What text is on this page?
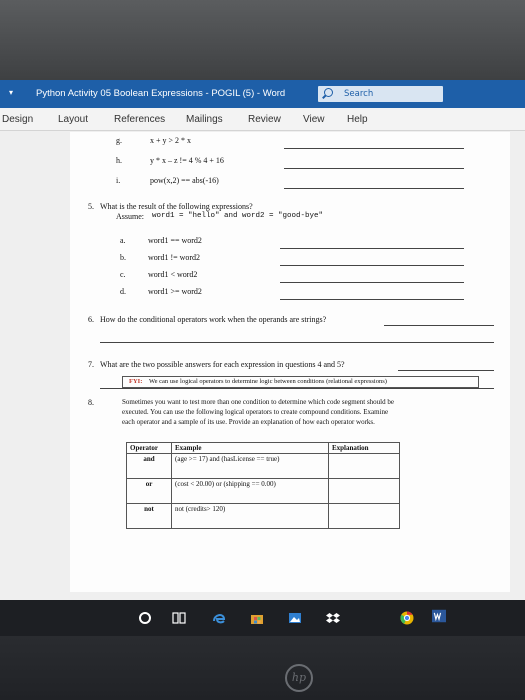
▾ Python Activity 05 Boolean Expressions - POGIL (5) - Word	Search
Design Layout	References Mailings	Review View Help
g.	x + y > 2 * x
h.	y * x – z != 4 % 4 + 16
i.	pow(x,2) == abs(-16)
5. What is the result of the following expressions?
Assume: word1 = "hello" and word2 = "good-bye"
a.	word1 == word2
b.	word1 != word2
c.	word1 < word2
d.	word1 >= word2
6. How do the conditional operators work when the operands are strings?
7. What are the two possible answers for each expression in questions 4 and 5?
FYI: We can use logical operators to determine logic between conditions (relational expressions)
8.	Sometimes you want to test more than one condition to determine which code segment should be
executed. You can use the following logical operators to create compound conditions. Examine
each operator and a sample of its use. Provide an explanation of how each operator works.
Operator	Example	Explanation
and	(age >= 17) and (hasLicense == true)	
or	(cost < 20.00) or (shipping == 0.00)	
not	not (credits> 120)	
hp
